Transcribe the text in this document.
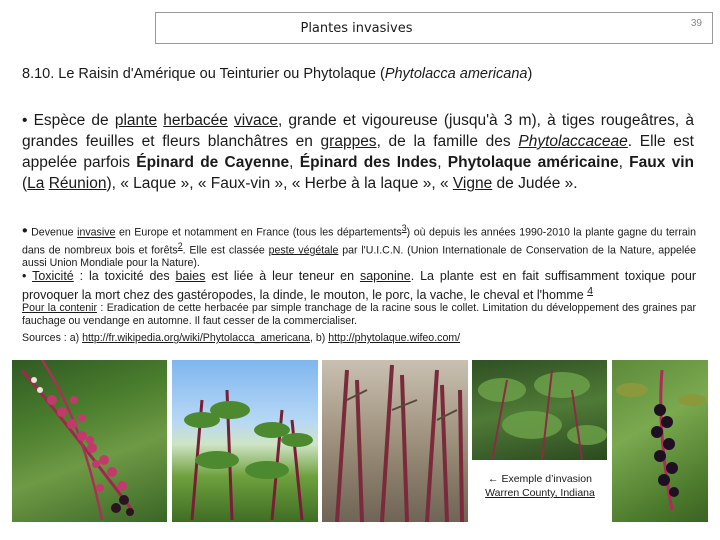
Plantes invasives	39
8.10. Le Raisin d'Amérique ou Teinturier ou Phytolaque (Phytolacca americana)
• Espèce de plante herbacée vivace, grande et vigoureuse (jusqu'à 3 m), à tiges rougeâtres, à grandes feuilles et fleurs blanchâtres en grappes, de la famille des Phytolaccaceae. Elle est appelée parfois Épinard de Cayenne, Épinard des Indes, Phytolaque américaine, Faux vin (La Réunion), « Laque », « Faux-vin », « Herbe à la laque », « Vigne de Judée ».
• Devenue invasive en Europe et notamment en France (tous les départements$^3$) où depuis les années 1990-2010 la plante gagne du terrain dans de nombreux bois et forêts$^2$. Elle est classée peste végétale par l'U.I.C.N. (Union Internationale de Conservation de la Nature, appelée aussi Union Mondiale pour la Nature).
• Toxicité : la toxicité des baies est liée à leur teneur en saponine. La plante est en fait suffisamment toxique pour provoquer la mort chez des gastéropodes, la dinde, le mouton, le porc, la vache, le cheval et l'homme $^4$
Pour la contenir : Eradication de cette herbacée par simple tranchage de la racine sous le collet. Limitation du développement des graines par fauchage ou vendange en automne. Il faut cesser de la commercialiser.
Sources : a) http://fr.wikipedia.org/wiki/Phytolacca_americana, b) http://phytolaque.wifeo.com/
← Exemple d’invasion
Warren County, Indiana
